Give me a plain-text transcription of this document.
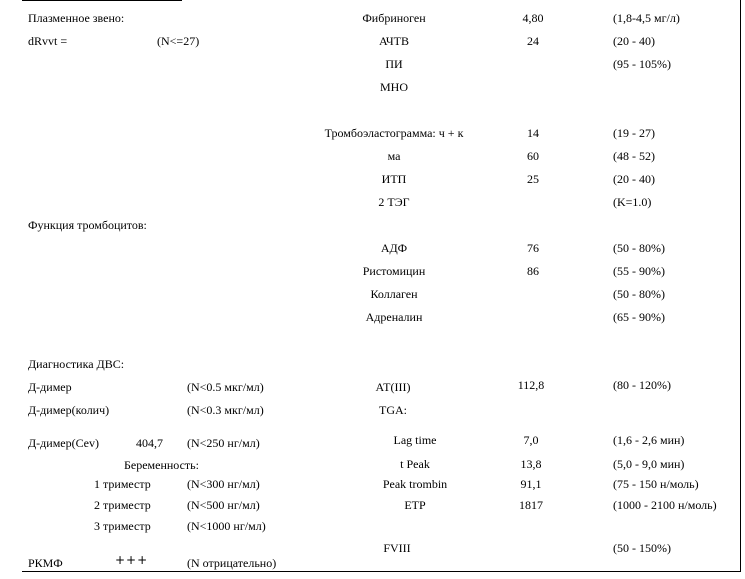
Плазменное звено:
dRvvt =	(N<=27)
Фибриноген	4,80	(1,8-4,5 мг/л)
АЧТВ	24	(20 - 40)
ПИ	(95 - 105%)
МНО
Тромбоэластограмма: ч + к	14	(19 - 27)
ма	60	(48 - 52)
ИТП	25	(20 - 40)
2 ТЭГ	(K=1.0)
Функция тромбоцитов:
АДФ	76	(50 - 80%)
Ристомицин	86	(55 - 90%)
Коллаген	(50 - 80%)
Адреналин	(65 - 90%)
Диагностика ДВС:
Д-димер	(N<0.5 мкг/мл)
Д-димер(колич)	(N<0.3 мкг/мл)
Д-димер(Cev)	404,7 (N<250 нг/мл)
Беременность:
1 триместр	(N<300 нг/мл)
2 триместр	(N<500 нг/мл)
3 триместр	(N<1000 нг/мл)
РКМФ	+++	(N отрицательно)
АТ(III)	112,8	(80 - 120%)
TGA:
Lag time	7,0	(1,6 - 2,6 мин)
t Peak	13,8	(5,0 - 9,0 мин)
Peak trombin	91,1	(75 - 150 н/моль)
ETP	1817	(1000 - 2100 н/моль)
FVIII	(50 - 150%)
